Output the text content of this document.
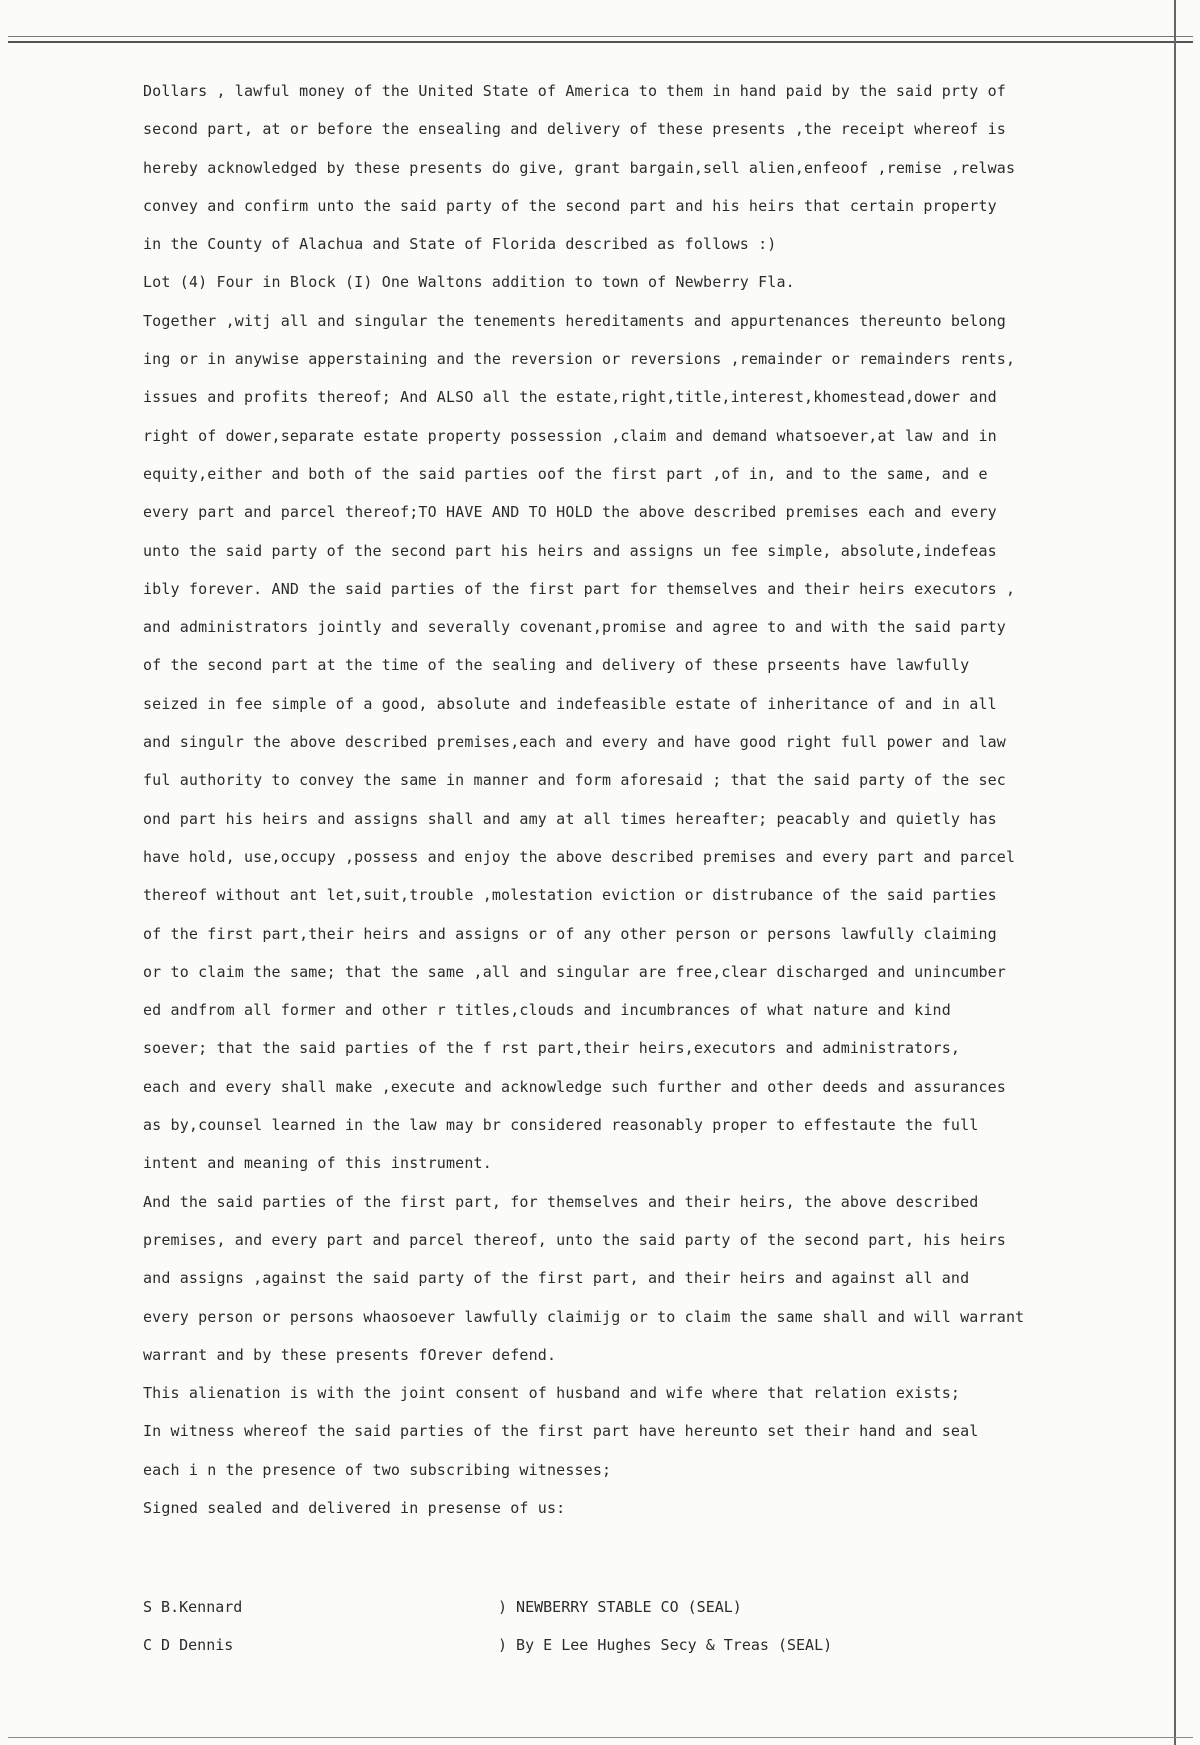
Dollars , lawful money of the United State of America to them in hand paid by the said prty of
second part, at or before the ensealing and delivery of these presents ,the receipt whereof is
hereby acknowledged by these presents do give, grant bargain,sell alien,enfeoof ,remise ,relwas
convey and confirm unto the said party of the second part and his heirs that certain property
in the County of Alachua and State of Florida described as follows :)
Lot (4) Four in Block (I) One Waltons addition to town of Newberry Fla.
Together ,witj all and singular the tenements hereditaments and appurtenances thereunto belong
ing or in anywise apperstaining and the reversion or reversions ,remainder or remainders rents,
issues and profits thereof; And ALSO all the estate,right,title,interest,khomestead,dower and
right of dower,separate estate property possession ,claim and demand whatsoever,at law and in
equity,either and both of the said parties oof the first part ,of in, and to the same, and e
every part and parcel thereof;TO HAVE AND TO HOLD the above described premises each and every
unto the said party of the second part his heirs and assigns un fee simple, absolute,indefeas
ibly forever. AND the said parties of the first part for themselves and their heirs executors ,
and administrators jointly and severally covenant,promise and agree to and with the said party
of the second part at the time of the sealing and delivery of these prseents have lawfully
seized in fee simple of a good, absolute and indefeasible estate of inheritance of and in all
and singulr the above described premises,each and every and have good right full power and law
ful authority to convey the same in manner and form aforesaid ; that the said party of the sec
ond part his heirs and assigns shall and amy at all times hereafter; peacably and quietly has
have hold, use,occupy ,possess and enjoy the above described premises and every part and parcel
thereof without ant let,suit,trouble ,molestation eviction or distrubance of the said parties
of the first part,their heirs and assigns or of any other person or persons lawfully claiming
or to claim the same; that the same ,all and singular are free,clear discharged and unincumber
ed andfrom all former and other r titles,clouds and incumbrances of what nature and kind
soever; that the said parties of the f rst part,their heirs,executors and administrators,
each and every shall make ,execute and acknowledge such further and other deeds and assurances
as by,counsel learned in the law may br considered reasonably proper to effestaute the full
intent and meaning of this instrument.
And the said parties of the first part, for themselves and their heirs, the above described
premises, and every part and parcel thereof, unto the said party of the second part, his heirs
and assigns ,against the said party of the first part, and their heirs and against all and
every person or persons whaosoever lawfully claimijg or to claim the same shall and will warrant
warrant and by these presents fOrever defend.
This alienation is with the joint consent of husband and wife where that relation exists;
In witness whereof the said parties of the first part have hereunto set their hand and seal
each i n the presence of two subscribing witnesses;
Signed sealed and delivered in presense of us:
S B.Kennard	) NEWBERRY STABLE CO (SEAL)
C D Dennis	) By E Lee Hughes Secy & Treas (SEAL)
